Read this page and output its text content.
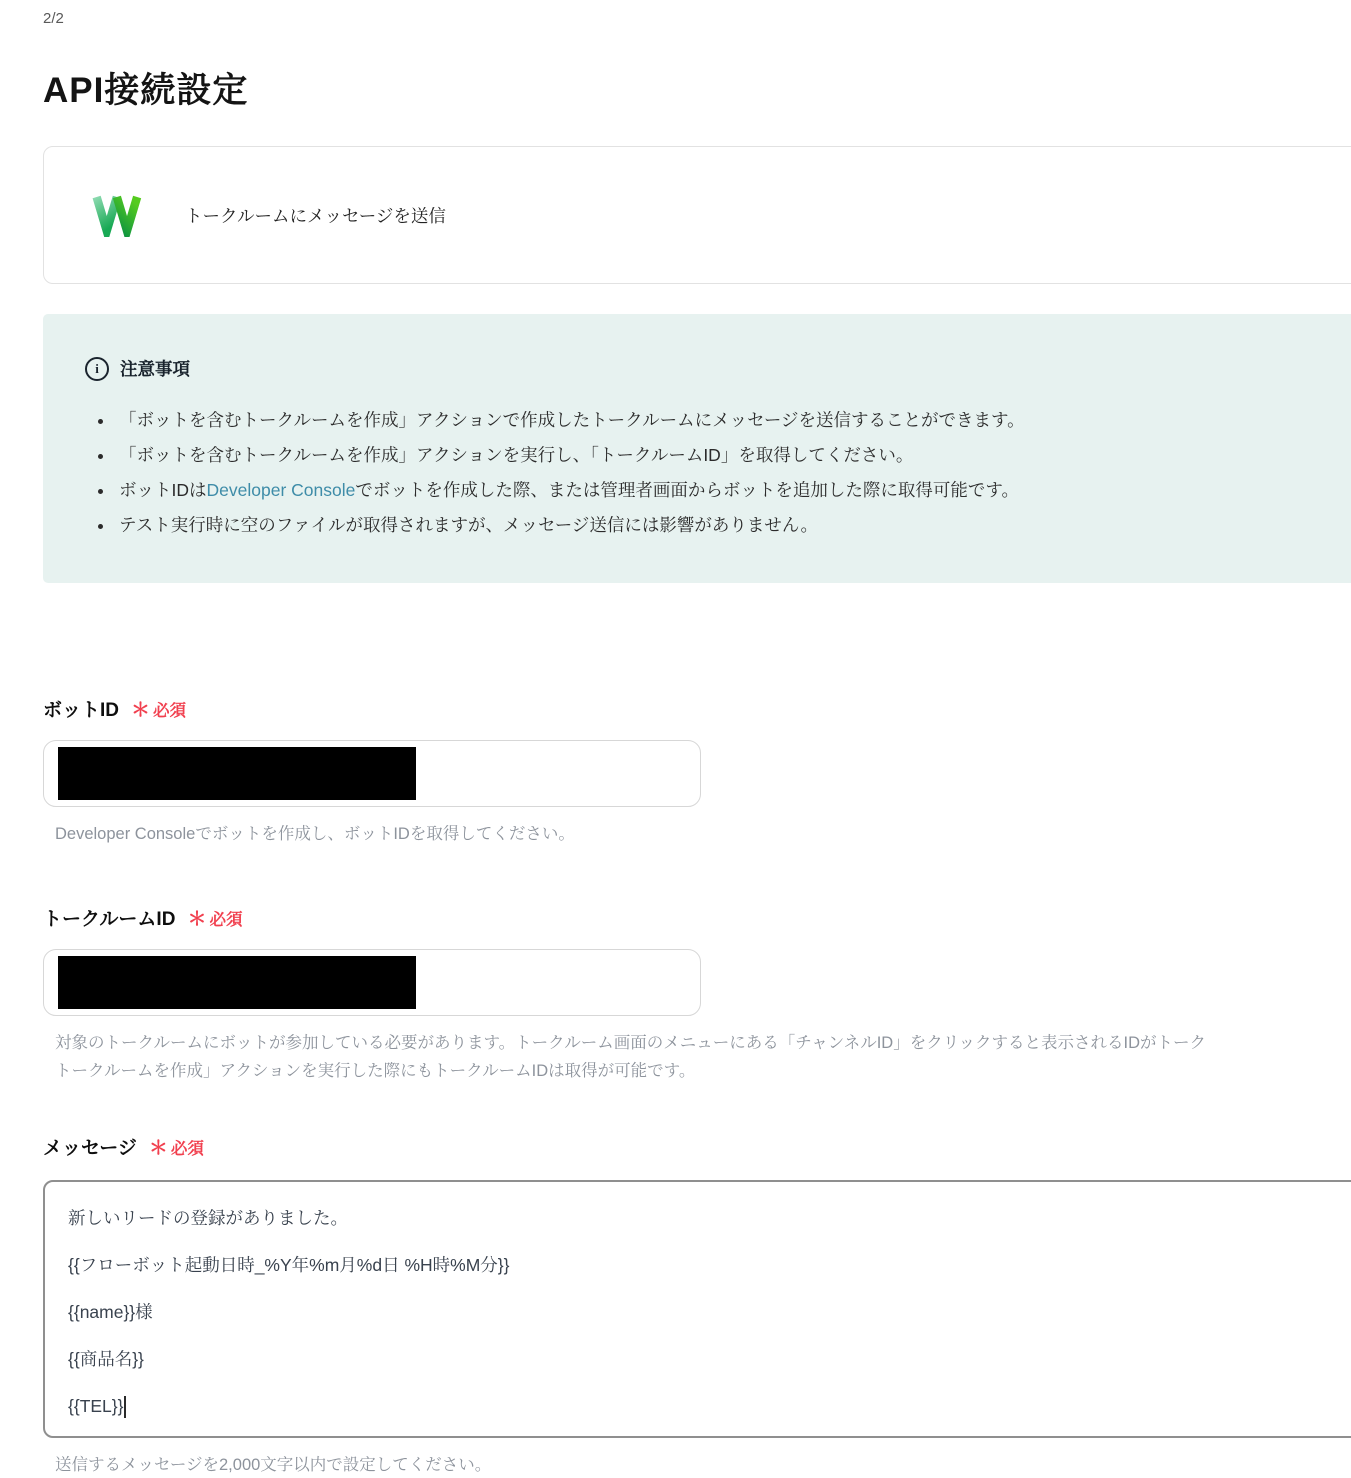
2/2
API接続設定
トークルームにメッセージを送信
i	注意事項
• 「ボットを含むトークルームを作成」アクションで作成したトークルームにメッセージを送信することができます。
• 「ボットを含むトークルームを作成」アクションを実行し、「トークルームID」を取得してください。
• ボットIDはDeveloper Consoleでボットを作成した際、または管理者画面からボットを追加した際に取得可能です。
• テスト実行時に空のファイルが取得されますが、メッセージ送信には影響がありません。
ボットID ＊ 必須
Developer Consoleでボットを作成し、ボットIDを取得してください。
トークルームID ＊ 必須
対象のトークルームにボットが参加している必要があります。トークルーム画面のメニューにある「チャンネルID」をクリックすると表示されるIDがトーク
トークルームを作成」アクションを実行した際にもトークルームIDは取得が可能です。
メッセージ ＊ 必須
新しいリードの登録がありました。
{{フローボット起動日時_%Y年%m月%d日 %H時%M分}}
{{name}}様
{{商品名}}
{{TEL}}
送信するメッセージを2,000文字以内で設定してください。
